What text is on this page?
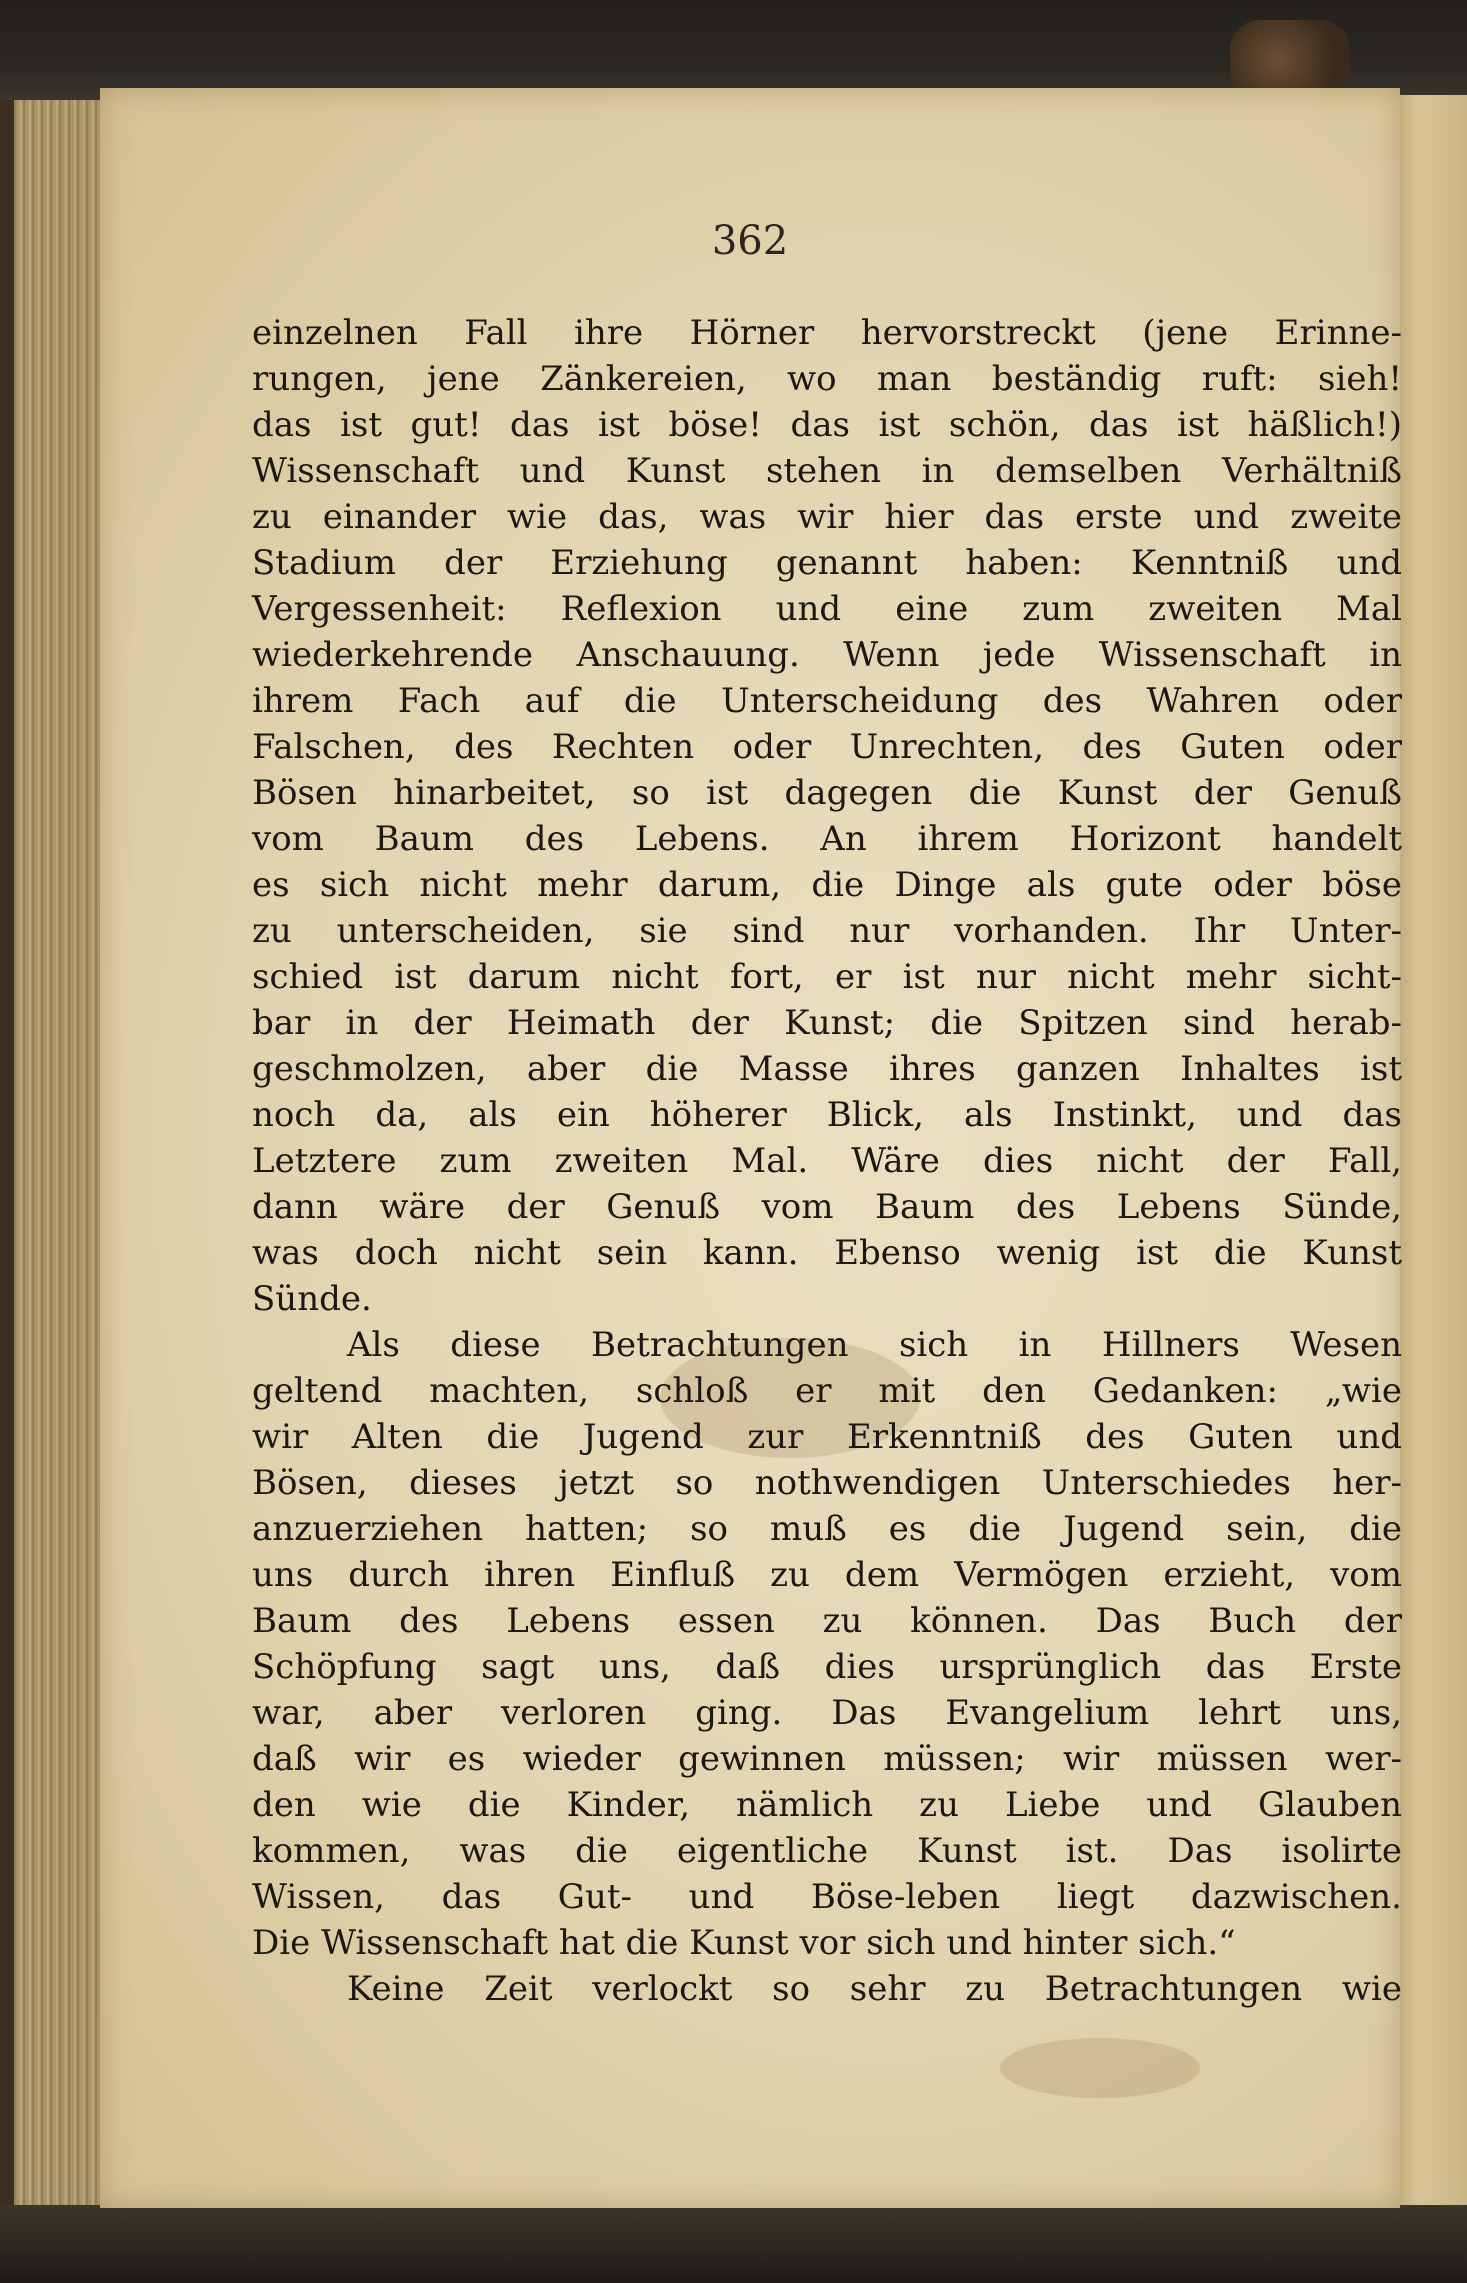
362
einzelnen Fall ihre Hörner hervorstreckt (jene Erinne-
rungen, jene Zänkereien, wo man beständig ruft: sieh!
das ist gut! das ist böse! das ist schön, das ist häßlich!)
Wissenschaft und Kunst stehen in demselben Verhältniß
zu einander wie das, was wir hier das erste und zweite
Stadium der Erziehung genannt haben: Kenntniß und
Vergessenheit: Reflexion und eine zum zweiten Mal
wiederkehrende Anschauung. Wenn jede Wissenschaft in
ihrem Fach auf die Unterscheidung des Wahren oder
Falschen, des Rechten oder Unrechten, des Guten oder
Bösen hinarbeitet, so ist dagegen die Kunst der Genuß
vom Baum des Lebens. An ihrem Horizont handelt
es sich nicht mehr darum, die Dinge als gute oder böse
zu unterscheiden, sie sind nur vorhanden. Ihr Unter-
schied ist darum nicht fort, er ist nur nicht mehr sicht-
bar in der Heimath der Kunst; die Spitzen sind herab-
geschmolzen, aber die Masse ihres ganzen Inhaltes ist
noch da, als ein höherer Blick, als Instinkt, und das
Letztere zum zweiten Mal. Wäre dies nicht der Fall,
dann wäre der Genuß vom Baum des Lebens Sünde,
was doch nicht sein kann. Ebenso wenig ist die Kunst
Sünde.
Als diese Betrachtungen sich in Hillners Wesen
geltend machten, schloß er mit den Gedanken: „wie
wir Alten die Jugend zur Erkenntniß des Guten und
Bösen, dieses jetzt so nothwendigen Unterschiedes her-
anzuerziehen hatten; so muß es die Jugend sein, die
uns durch ihren Einfluß zu dem Vermögen erzieht, vom
Baum des Lebens essen zu können. Das Buch der
Schöpfung sagt uns, daß dies ursprünglich das Erste
war, aber verloren ging. Das Evangelium lehrt uns,
daß wir es wieder gewinnen müssen; wir müssen wer-
den wie die Kinder, nämlich zu Liebe und Glauben
kommen, was die eigentliche Kunst ist. Das isolirte
Wissen, das Gut- und Böse-leben liegt dazwischen.
Die Wissenschaft hat die Kunst vor sich und hinter sich.“
Keine Zeit verlockt so sehr zu Betrachtungen wie
